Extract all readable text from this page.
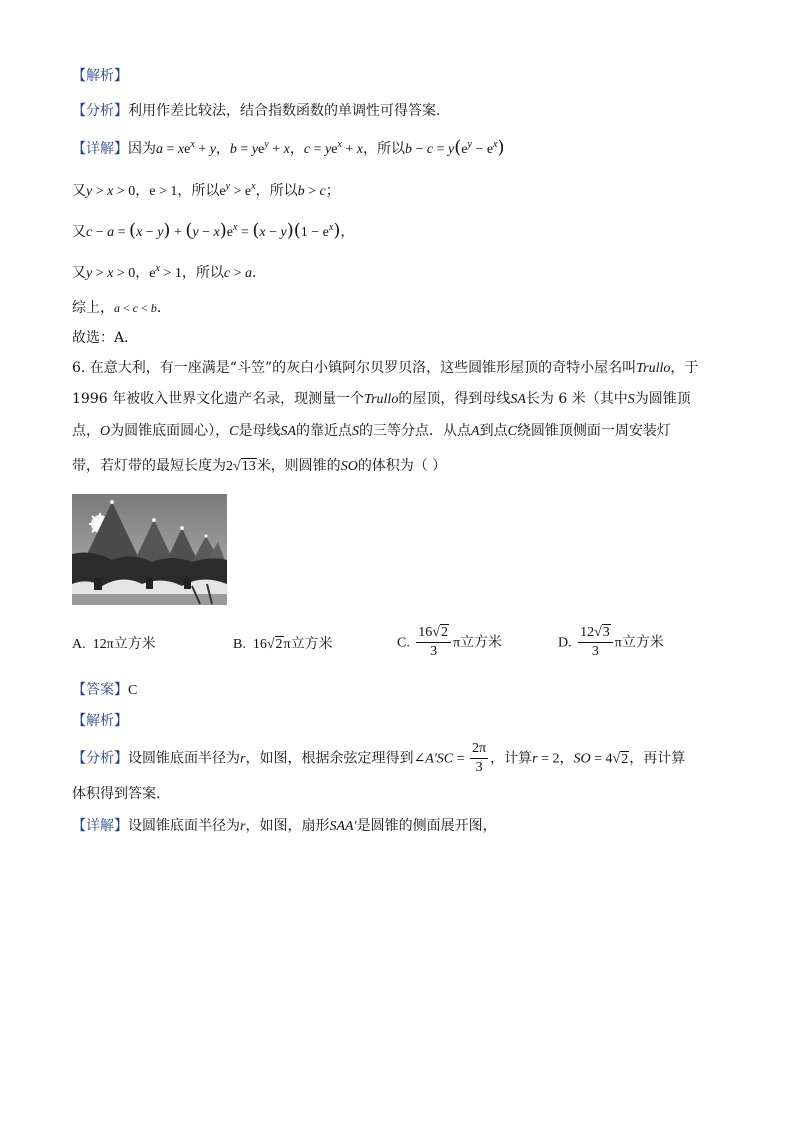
【解析】
【分析】利用作差比较法，结合指数函数的单调性可得答案.
【详解】因为$a = xe^x + y$，$b = ye^y + x$，$c = ye^x + x$，所以$b - c = y(e^y - e^x)$
又y > x > 0，e > 1，所以$e^y > e^x$，所以b > c；
又$c - a = (x - y) + (y - x)e^x = (x - y)(1 - e^x)$，
又y > x > 0，$e^x > 1$，所以c > a．
综上，a < c < b．
故选：A．
6. 在意大利，有一座满是“斗笠”的灰白小镇阿尔贝罗贝洛，这些圆锥形屋顶的奇特小屋名叫Trullo，于
1996 年被收入世界文化遗产名录，现测量一个Trullo的屋顶，得到母线SA长为 6 米（其中S为圆锥顶
点，O为圆锥底面圆心），C是母线SA的靠近点S的三等分点．从点A到点C绕圆锥顶侧面一周安装灯
带，若灯带的最短长度为2√13米，则圆锥的SO的体积为（ ）
A.  12π立方米	B.  16√2π立方米	C. $\frac{16√2}{3}$ π立方米	D. $\frac{12√3}{3}$ π立方米
【答案】C
【解析】
【分析】设圆锥底面半径为r，如图，根据余弦定理得到∠A′SC = $\frac{2\pi}{3}$ ，计算r = 2，SO = 4√2，再计算
体积得到答案.
【详解】设圆锥底面半径为r，如图，扇形SAA′是圆锥的侧面展开图，
